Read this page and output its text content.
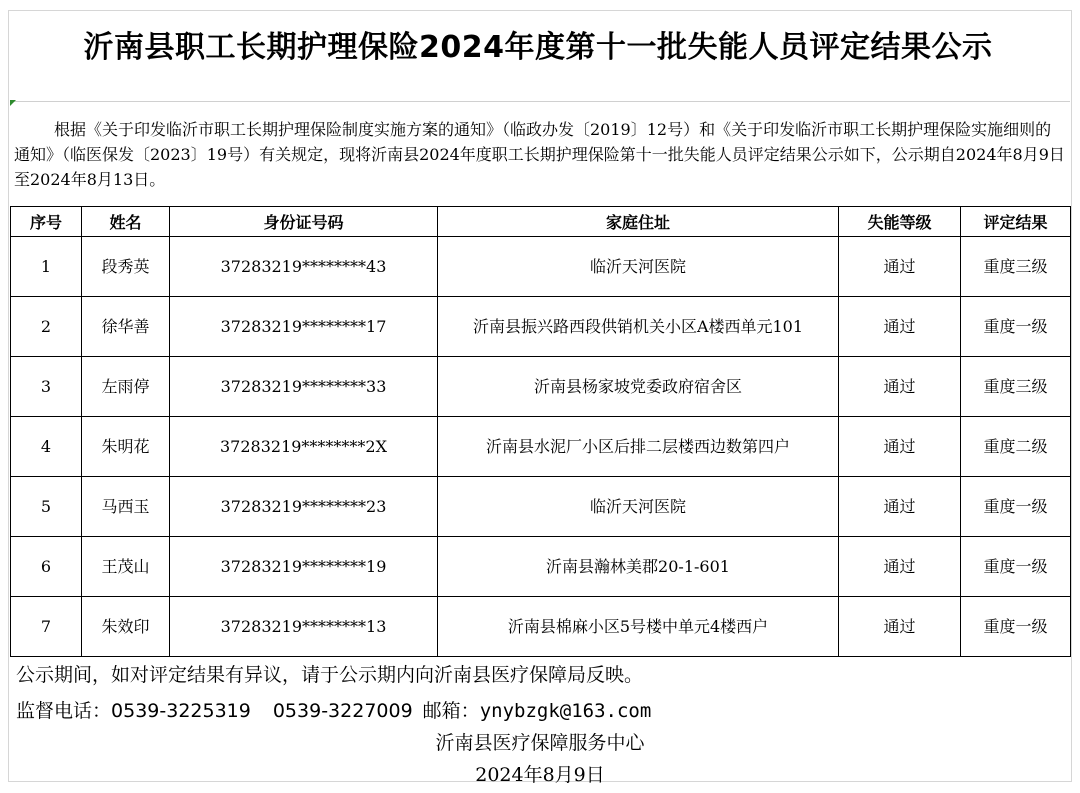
沂南县职工长期护理保险2024年度第十一批失能人员评定结果公示
根据《关于印发临沂市职工长期护理保险制度实施方案的通知》（临政办发〔2019〕12号）和《关于印发临沂市职工长期护理保险实施细则的通知》（临医保发〔2023〕19号）有关规定，现将沂南县2024年度职工长期护理保险第十一批失能人员评定结果公示如下，公示期自2024年8月9日至2024年8月13日。
序号	姓名	身份证号码	家庭住址	失能等级	评定结果
1	段秀英	37283219********43	临沂天河医院	通过	重度三级
2	徐华善	37283219********17	沂南县振兴路西段供销机关小区A楼西单元101	通过	重度一级
3	左雨停	37283219********33	沂南县杨家坡党委政府宿舍区	通过	重度三级
4	朱明花	37283219********2X	沂南县水泥厂小区后排二层楼西边数第四户	通过	重度二级
5	马西玉	37283219********23	临沂天河医院	通过	重度一级
6	王茂山	37283219********19	沂南县瀚林美郡20-1-601	通过	重度一级
7	朱效印	37283219********13	沂南县棉麻小区5号楼中单元4楼西户	通过	重度一级
公示期间，如对评定结果有异议，请于公示期内向沂南县医疗保障局反映。
监督电话：0539-3225319 0539-3227009 邮箱：ynybzgk@163.com
沂南县医疗保障服务中心
2024年8月9日
